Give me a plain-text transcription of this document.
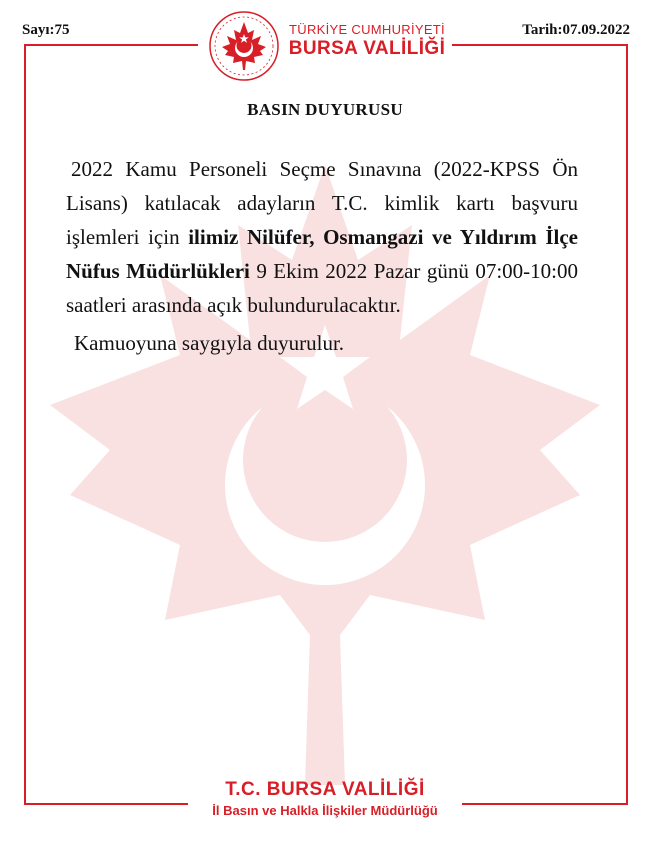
Sayı:75	Tarih:07.09.2022
TÜRKİYE CUMHURİYETİ
BURSA VALİLİĞİ
BASIN DUYURUSU

2022 Kamu Personeli Seçme Sınavına (2022-KPSS Ön Lisans) katılacak adayların T.C. kimlik kartı başvuru işlemleri için ilimiz Nilüfer, Osmangazi ve Yıldırım İlçe Nüfus Müdürlükleri 9 Ekim 2022 Pazar günü 07:00-10:00 saatleri arasında açık bulundurulacaktır.

Kamuoyuna saygıyla duyurulur.
T.C. BURSA VALİLİĞİ
İl Basın ve Halkla İlişkiler Müdürlüğü
